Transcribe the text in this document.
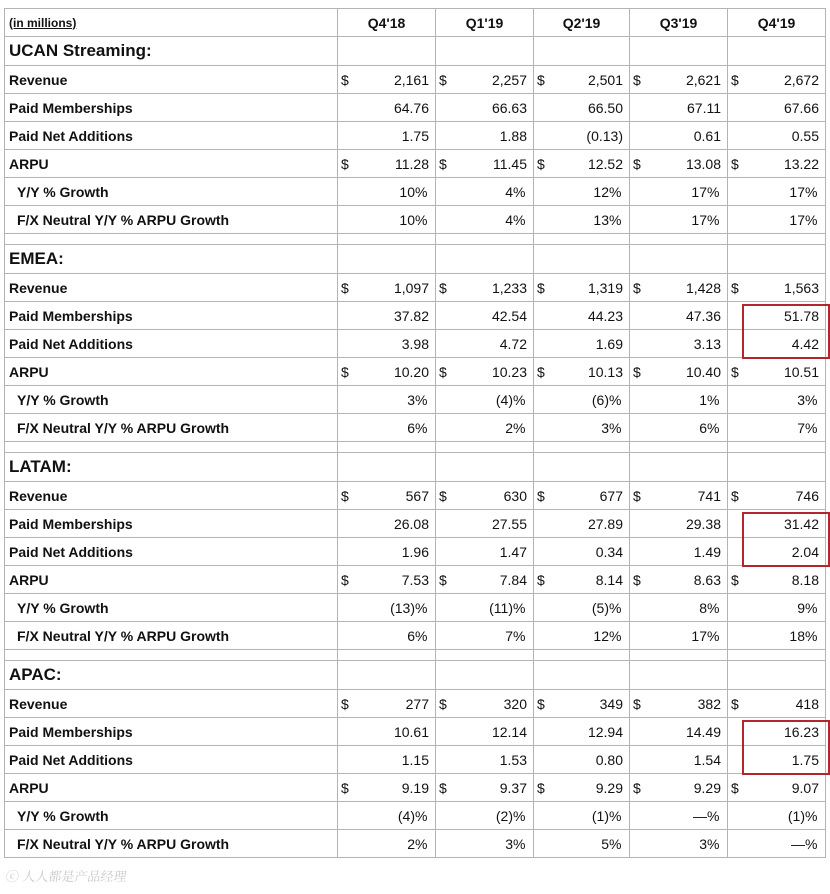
(in millions)	Q4'18	Q1'19	Q2'19	Q3'19	Q4'19
UCAN Streaming:					
Revenue	$ 2,161	$ 2,257	$ 2,501	$ 2,621	$ 2,672
Paid Memberships	64.76	66.63	66.50	67.11	67.66
Paid Net Additions	1.75	1.88	(0.13)	0.61	0.55
ARPU	$ 11.28	$ 11.45	$ 12.52	$ 13.08	$ 13.22
Y/Y % Growth	10%	4%	12%	17%	17%
F/X Neutral Y/Y % ARPU Growth	10%	4%	13%	17%	17%

EMEA:					
Revenue	$ 1,097	$ 1,233	$ 1,319	$ 1,428	$ 1,563
Paid Memberships	37.82	42.54	44.23	47.36	51.78
Paid Net Additions	3.98	4.72	1.69	3.13	4.42
ARPU	$ 10.20	$ 10.23	$ 10.13	$ 10.40	$ 10.51
Y/Y % Growth	3%	(4)%	(6)%	1%	3%
F/X Neutral Y/Y % ARPU Growth	6%	2%	3%	6%	7%

LATAM:					
Revenue	$ 567	$ 630	$ 677	$ 741	$ 746
Paid Memberships	26.08	27.55	27.89	29.38	31.42
Paid Net Additions	1.96	1.47	0.34	1.49	2.04
ARPU	$ 7.53	$ 7.84	$ 8.14	$ 8.63	$ 8.18
Y/Y % Growth	(13)%	(11)%	(5)%	8%	9%
F/X Neutral Y/Y % ARPU Growth	6%	7%	12%	17%	18%

APAC:					
Revenue	$ 277	$ 320	$ 349	$ 382	$ 418
Paid Memberships	10.61	12.14	12.94	14.49	16.23
Paid Net Additions	1.15	1.53	0.80	1.54	1.75
ARPU	$ 9.19	$ 9.37	$ 9.29	$ 9.29	$ 9.07
Y/Y % Growth	(4)%	(2)%	(1)%	—%	(1)%
F/X Neutral Y/Y % ARPU Growth	2%	3%	5%	3%	—%
ⓒ 人人都是产品经理
